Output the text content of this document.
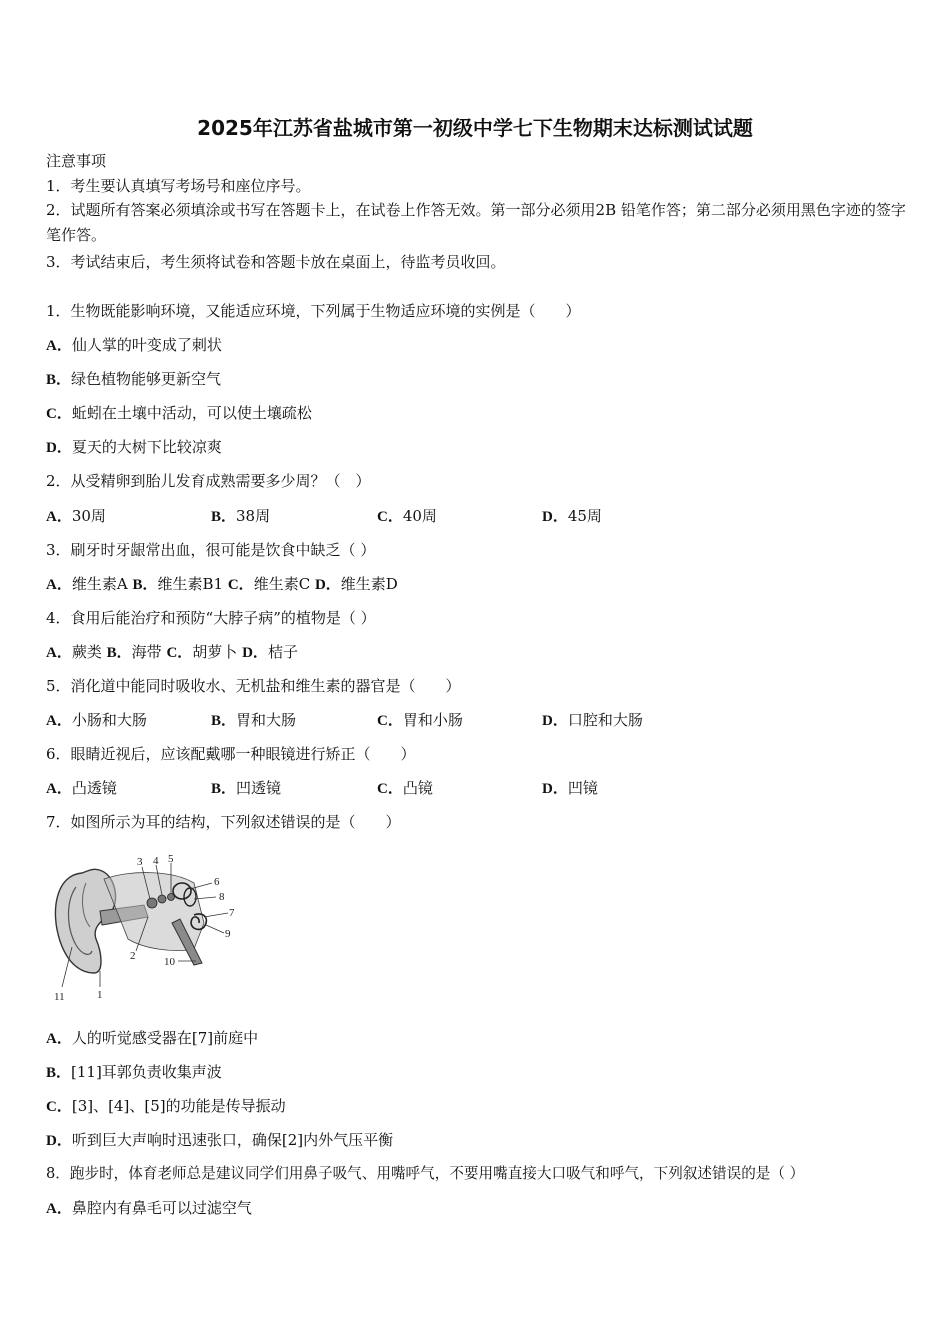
2025年江苏省盐城市第一初级中学七下生物期末达标测试试题
注意事项
1．考生要认真填写考场号和座位序号。
2．试题所有答案必须填涂或书写在答题卡上，在试卷上作答无效。第一部分必须用2B 铅笔作答；第二部分必须用黑色字迹的签字笔作答。
3．考试结束后，考生须将试卷和答题卡放在桌面上，待监考员收回。
1．生物既能影响环境，又能适应环境，下列属于生物适应环境的实例是（　　）
A．仙人掌的叶变成了刺状
B．绿色植物能够更新空气
C．蚯蚓在土壤中活动，可以使土壤疏松
D．夏天的大树下比较凉爽
2．从受精卵到胎儿发育成熟需要多少周？（　）
A．30周	B．38周	C．40周	D．45周
3．刷牙时牙龈常出血，很可能是饮食中缺乏（ ）
A．维生素A B．维生素B1 C．维生素C D．维生素D
4．食用后能治疗和预防“大脖子病”的植物是（ ）
A．蕨类 B．海带 C．胡萝卜 D．桔子
5．消化道中能同时吸收水、无机盐和维生素的器官是（　　）
A．小肠和大肠	B．胃和大肠	C．胃和小肠	D．口腔和大肠
6．眼睛近视后，应该配戴哪一种眼镜进行矫正（　　）
A．凸透镜	B．凹透镜	C．凸镜	D．凹镜
7．如图所示为耳的结构，下列叙述错误的是（　　）
1
2
3 4 5
6
7
8
9
10
11
A．人的听觉感受器在[7]前庭中
B．[11]耳郭负责收集声波
C．[3]、[4]、[5]的功能是传导振动
D．听到巨大声响时迅速张口，确保[2]内外气压平衡
8．跑步时，体育老师总是建议同学们用鼻子吸气、用嘴呼气，不要用嘴直接大口吸气和呼气，下列叙述错误的是（ ）
A．鼻腔内有鼻毛可以过滤空气
